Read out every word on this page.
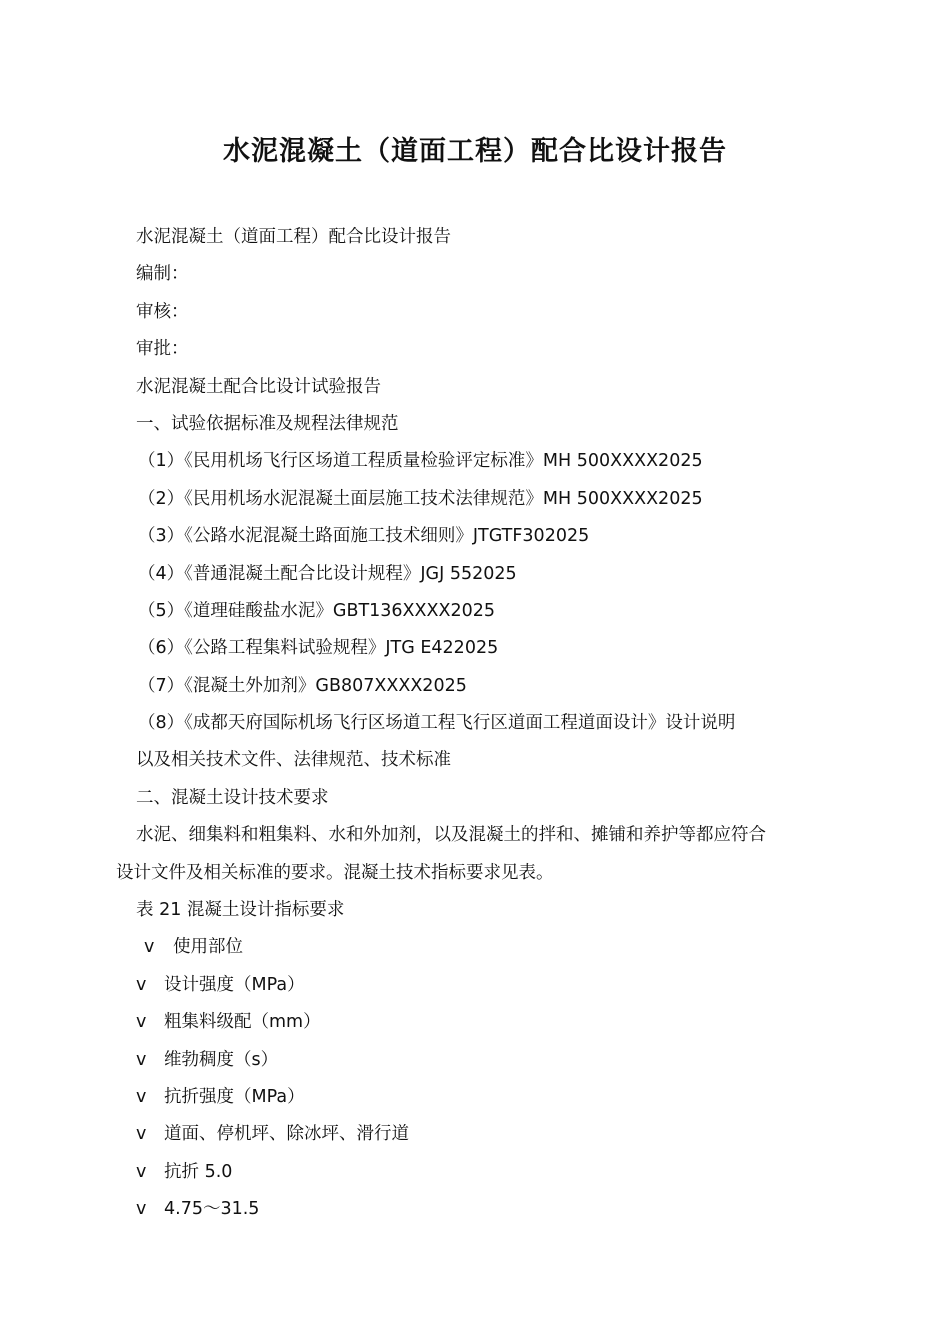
水泥混凝土（道面工程）配合比设计报告
水泥混凝土（道面工程）配合比设计报告
编制：
审核：
审批：
水泥混凝土配合比设计试验报告
一、试验依据标准及规程法律规范
（1）《民用机场飞行区场道工程质量检验评定标准》MH 500XXXX2025
（2）《民用机场水泥混凝土面层施工技术法律规范》MH 500XXXX2025
（3）《公路水泥混凝土路面施工技术细则》JTGTF302025
（4）《普通混凝土配合比设计规程》JGJ 552025
（5）《道理硅酸盐水泥》GBT136XXXX2025
（6）《公路工程集料试验规程》JTG E422025
（7）《混凝土外加剂》GB807XXXX2025
（8）《成都天府国际机场飞行区场道工程飞行区道面工程道面设计》设计说明
以及相关技术文件、法律规范、技术标准
二、混凝土设计技术要求
水泥、细集料和粗集料、水和外加剂，以及混凝土的拌和、摊铺和养护等都应符合
设计文件及相关标准的要求。混凝土技术指标要求见表。
表 21 混凝土设计指标要求
v 使用部位
v 设计强度（MPa）
v 粗集料级配（mm）
v 维勃稠度（s）
v 抗折强度（MPa）
v 道面、停机坪、除冰坪、滑行道
v 抗折 5.0
v 4.75～31.5
